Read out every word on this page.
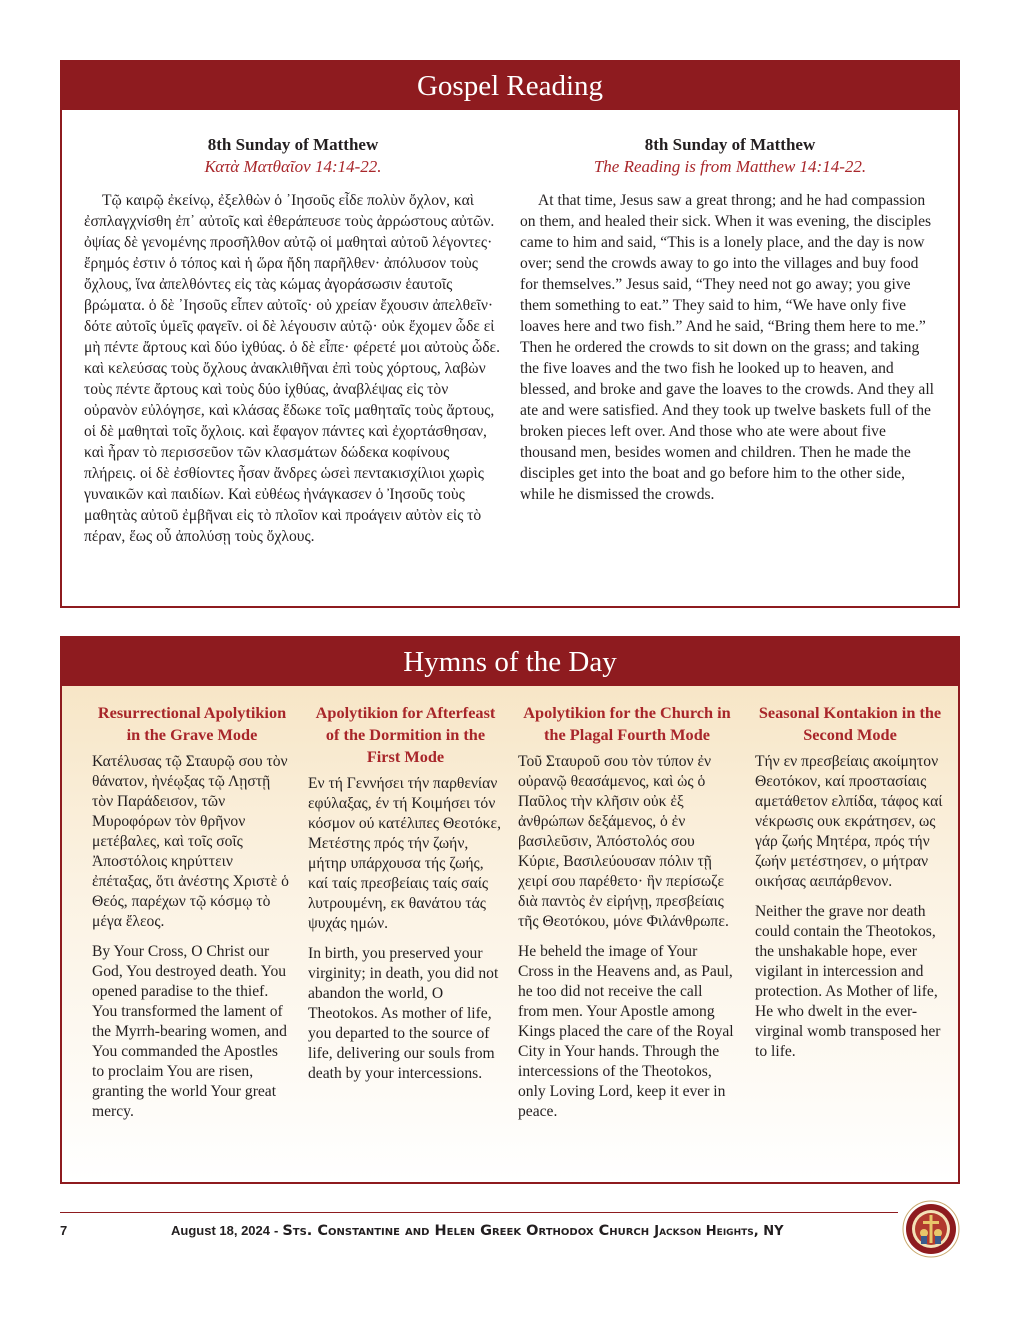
Gospel Reading
8th Sunday of Matthew
Κατὰ Ματθαῖον 14:14-22.

Τῷ καιρῷ ἐκείνῳ, ἐξελθὼν ὁ ᾿Ιησοῦς εἶδε πολὺν ὄχλον, καὶ ἐσπλαγχνίσθη ἐπ᾿ αὐτοῖς καὶ ἐθεράπευσε τοὺς ἀρρώστους αὐτῶν. ὀψίας δὲ γενομένης προσῆλθον αὐτῷ οἱ μαθηταὶ αὐτοῦ λέγοντες· ἔρημός ἐστιν ὁ τόπος καὶ ἡ ὥρα ἤδη παρῆλθεν· ἀπόλυσον τοὺς ὄχλους, ἵνα ἀπελθόντες εἰς τὰς κώμας ἀγοράσωσιν ἑαυτοῖς βρώματα. ὁ δὲ ᾿Ιησοῦς εἶπεν αὐτοῖς· οὐ χρείαν ἔχουσιν ἀπελθεῖν· δότε αὐτοῖς ὑμεῖς φαγεῖν. οἱ δὲ λέγουσιν αὐτῷ· οὐκ ἔχομεν ὧδε εἰ μὴ πέντε ἄρτους καὶ δύο ἰχθύας. ὁ δὲ εἶπε· φέρετέ μοι αὐτοὺς ὧδε. καὶ κελεύσας τοὺς ὄχλους ἀνακλιθῆναι ἐπὶ τοὺς χόρτους, λαβὼν τοὺς πέντε ἄρτους καὶ τοὺς δύο ἰχθύας, ἀναβλέψας εἰς τὸν οὐρανὸν εὐλόγησε, καὶ κλάσας ἔδωκε τοῖς μαθηταῖς τοὺς ἄρτους, οἱ δὲ μαθηταὶ τοῖς ὄχλοις. καὶ ἔφαγον πάντες καὶ ἐχορτάσθησαν, καὶ ἦραν τὸ περισσεῦον τῶν κλασμάτων δώδεκα κοφίνους πλήρεις. οἱ δὲ ἐσθίοντες ἦσαν ἄνδρες ὡσεὶ πεντακισχίλιοι χωρὶς γυναικῶν καὶ παιδίων. Καὶ εὐθέως ἠνάγκασεν ὁ Ἰησοῦς τοὺς μαθητὰς αὐτοῦ ἐμβῆναι εἰς τὸ πλοῖον καὶ προάγειν αὐτὸν εἰς τὸ πέραν, ἕως οὗ ἀπολύσῃ τοὺς ὄχλους.

8th Sunday of Matthew
The Reading is from Matthew 14:14-22.

At that time, Jesus saw a great throng; and he had compassion on them, and healed their sick. When it was evening, the disciples came to him and said, “This is a lonely place, and the day is now over; send the crowds away to go into the villages and buy food for themselves.” Jesus said, “They need not go away; you give them something to eat.” They said to him, “We have only five loaves here and two fish.” And he said, “Bring them here to me.” Then he ordered the crowds to sit down on the grass; and taking the five loaves and the two fish he looked up to heaven, and blessed, and broke and gave the loaves to the crowds. And they all ate and were satisfied. And they took up twelve baskets full of the broken pieces left over. And those who ate were about five thousand men, besides women and children. Then he made the disciples get into the boat and go before him to the other side, while he dismissed the crowds.

Hymns of the Day
Resurrectional Apolytikion in the Grave Mode

Κατέλυσας τῷ Σταυρῷ σου τὸν θάνατον, ἠνέῳξας τῷ Λῃστῇ τὸν Παράδεισον, τῶν Μυροφόρων τὸν θρῆνον μετέβαλες, καὶ τοῖς σοῖς Ἀποστόλοις κηρύττειν ἐπέταξας, ὅτι ἀνέστης Χριστὲ ὁ Θεός, παρέχων τῷ κόσμῳ τὸ μέγα ἔλεος.

By Your Cross, O Christ our God, You destroyed death. You opened paradise to the thief. You transformed the lament of the Myrrh-bearing women, and You commanded the Apostles to proclaim You are risen, granting the world Your great mercy.

Apolytikion for Afterfeast of the Dormition in the First Mode

Εν τή Γεννήσει τήν παρθενίαν εφύλαξας, έν τή Κοιμήσει τόν κόσμον ού κατέλιπες Θεοτόκε, Μετέστης πρός τήν ζωήν, μήτηρ υπάρχουσα τής ζωής, καί ταίς πρεσβείαις ταίς σαίς λυτρουμένη, εκ θανάτου τάς ψυχάς ημών.

In birth, you preserved your virginity; in death, you did not abandon the world, O Theotokos. As mother of life, you departed to the source of life, delivering our souls from death by your intercessions.

Apolytikion for the Church in the Plagal Fourth Mode

Τοῦ Σταυροῦ σου τὸν τύπον ἐν οὐρανῷ θεασάμενος, καὶ ὡς ὁ Παῦλος τὴν κλῆσιν οὐκ ἐξ ἀνθρώπων δεξάμενος, ὁ ἐν βασιλεῦσιν, Ἀπόστολός σου Κύριε, Βασιλεύουσαν πόλιν τῇ χειρί σου παρέθετο· ἣν περίσωζε διὰ παντὸς ἐν εἰρήνῃ, πρεσβείαις τῆς Θεοτόκου, μόνε Φιλάνθρωπε.

He beheld the image of Your Cross in the Heavens and, as Paul, he too did not receive the call from men. Your Apostle among Kings placed the care of the Royal City in Your hands. Through the intercessions of the Theotokos, only Loving Lord, keep it ever in peace.

Seasonal Kontakion in the Second Mode

Τήν εν πρεσβείαις ακοίμητον Θεοτόκον, καί προστασίαις αμετάθετον ελπίδα, τάφος καί νέκρωσις ουκ εκράτησεν, ως γάρ ζωής Μητέρα, πρός τήν ζωήν μετέστησεν, ο μήτραν οικήσας αειπάρθενον.

Neither the grave nor death could contain the Theotokos, the unshakable hope, ever vigilant in intercession and protection. As Mother of life, He who dwelt in the ever-virginal womb transposed her to life.

7	August 18, 2024 - Sts. Constantine and Helen Greek Orthodox Church Jackson Heights, NY
